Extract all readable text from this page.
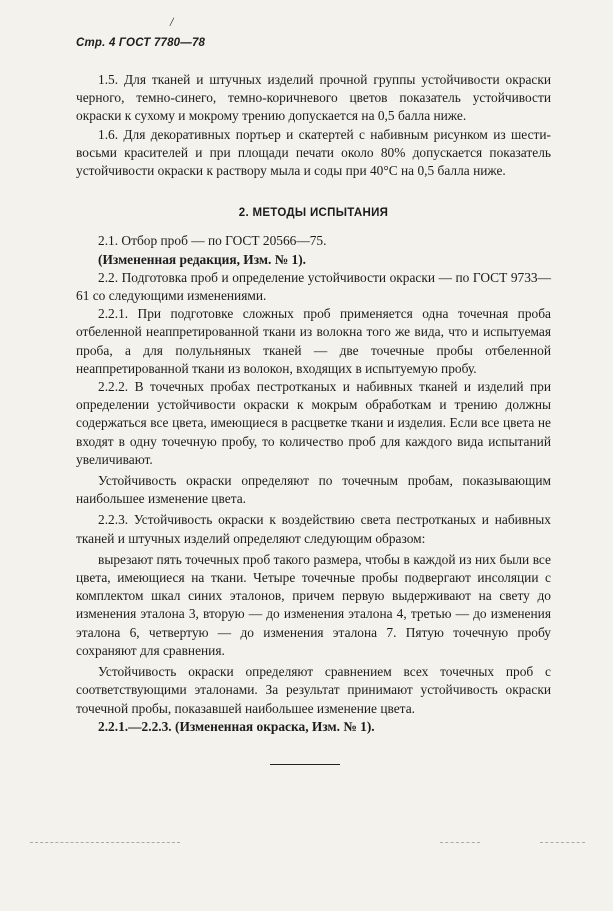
/
Стр. 4 ГОСТ 7780—78

1.5. Для тканей и штучных изделий прочной группы устойчивости окраски черного, темно-синего, темно-коричневого цветов показатель устойчивости окраски к сухому и мокрому трению допускается на 0,5 балла ниже.

1.6. Для декоративных портьер и скатертей с набивным рисунком из шести-восьми красителей и при площади печати около 80% допускается показатель устойчивости окраски к раствору мыла и соды при 40°С на 0,5 балла ниже.

2. МЕТОДЫ ИСПЫТАНИЯ

2.1. Отбор проб — по ГОСТ 20566—75.

(Измененная редакция, Изм. № 1).

2.2. Подготовка проб и определение устойчивости окраски — по ГОСТ 9733—61 со следующими изменениями.

2.2.1. При подготовке сложных проб применяется одна точечная проба отбеленной неаппретированной ткани из волокна того же вида, что и испытуемая проба, а для полульняных тканей — две точечные пробы отбеленной неаппретированной ткани из волокон, входящих в испытуемую пробу.

2.2.2. В точечных пробах пестротканых и набивных тканей и изделий при определении устойчивости окраски к мокрым обработкам и трению должны содержаться все цвета, имеющиеся в расцветке ткани и изделия. Если все цвета не входят в одну точечную пробу, то количество проб для каждого вида испытаний увеличивают.

Устойчивость окраски определяют по точечным пробам, показывающим наибольшее изменение цвета.

2.2.3. Устойчивость окраски к воздействию света пестротканых и набивных тканей и штучных изделий определяют следующим образом:

вырезают пять точечных проб такого размера, чтобы в каждой из них были все цвета, имеющиеся на ткани. Четыре точечные пробы подвергают инсоляции с комплектом шкал синих эталонов, причем первую выдерживают на свету до изменения эталона 3, вторую — до изменения эталона 4, третью — до изменения эталона 6, четвертую — до изменения эталона 7. Пятую точечную пробу сохраняют для сравнения.

Устойчивость окраски определяют сравнением всех точечных проб с соответствующими эталонами. За результат принимают устойчивость окраски точечной пробы, показавшей наибольшее изменение цвета.

2.2.1.—2.2.3. (Измененная окраска, Изм. № 1).
